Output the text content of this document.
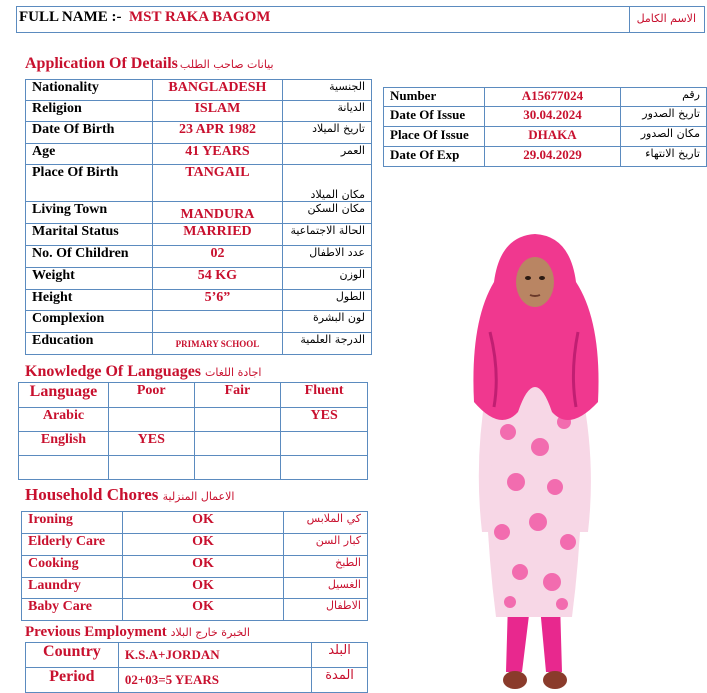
FULL NAME :- MST RAKA BAGOM	الاسم الكامل
Application Of Details بيانات صاحب الطلب
Nationality	BANGLADESH	الجنسية
Religion	ISLAM	الديانة
Date Of Birth	23 APR 1982	تاريخ الميلاد
Age	41 YEARS	العمر
Place Of Birth	TANGAIL	مكان الميلاد
Living Town	MANDURA	مكان السكن
Marital Status	MARRIED	الحالة الاجتماعية
No. Of Children	02	عدد الاطفال
Weight	54 KG	الوزن
Height	5’6”	الطول
Complexion		لون البشرة
Education	PRIMARY SCHOOL	الدرجة العلمية
Number	A15677024	رقم
Date Of Issue	30.04.2024	تاريخ الصدور
Place Of Issue	DHAKA	مكان الصدور
Date Of Exp	29.04.2029	تاريخ الانتهاء
Knowledge Of Languages اجادة اللغات
Language	Poor	Fair	Fluent
Arabic			YES
English	YES		

Household Chores الاعمال المنزلية
Ironing	OK	كي الملابس
Elderly Care	OK	كبار السن
Cooking	OK	الطبخ
Laundry	OK	الغسيل
Baby Care	OK	الاطفال
Previous Employment الخبرة خارج البلاد
Country	K.S.A+JORDAN	البلد
Period	02+03=5 YEARS	المدة
